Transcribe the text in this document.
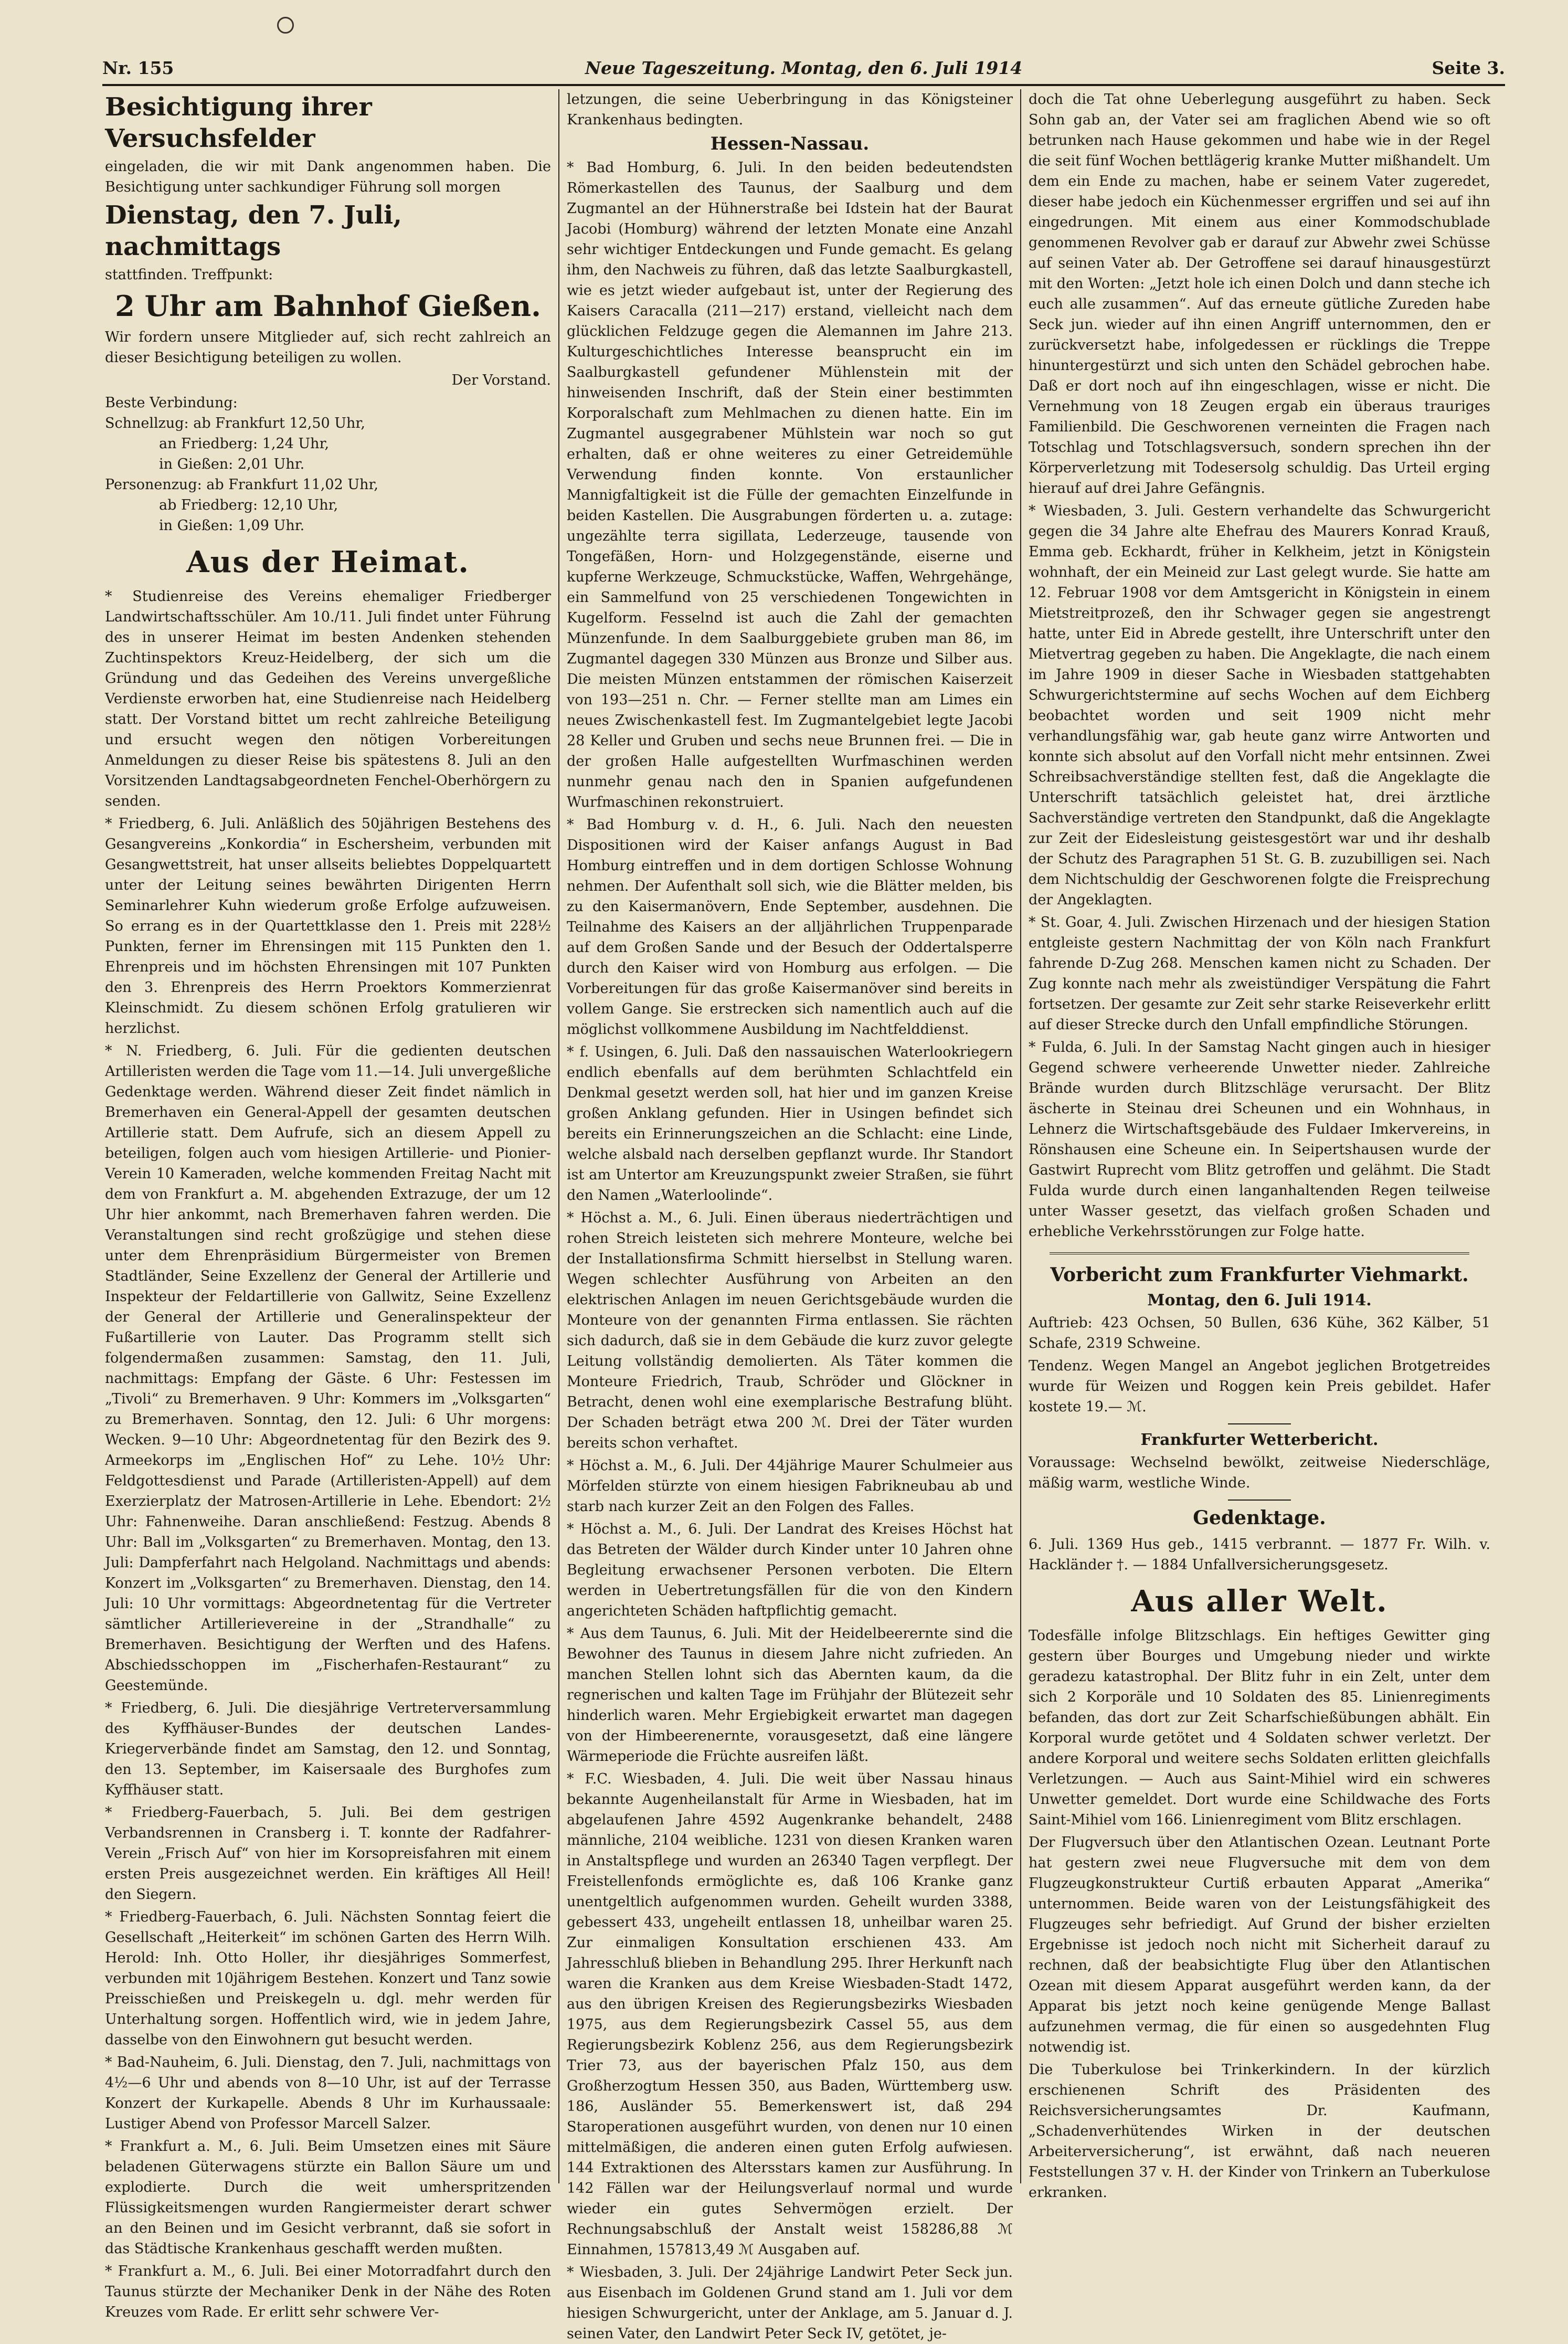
Neue Tageszeitung. Montag, den 6. Juli 1914
Nr. 155	Seite 3.
Besichtigung ihrer Versuchsfelder

eingeladen, die wir mit Dank angenommen haben. Die Besichtigung unter sachkundiger Führung soll morgen

Dienstag, den 7. Juli, nachmittags

stattfinden. Treffpunkt:

2 Uhr am Bahnhof Gießen.

Wir fordern unsere Mitglieder auf, sich recht zahlreich an dieser Besichtigung beteiligen zu wollen.

Der Vorstand.

Beste Verbindung:
Schnellzug: ab Frankfurt 12,50 Uhr,
an Friedberg: 1,24 Uhr,
in Gießen: 2,01 Uhr.
Personenzug: ab Frankfurt 11,02 Uhr,
ab Friedberg: 12,10 Uhr,
in Gießen: 1,09 Uhr.
Aus der Heimat.

* Studienreise des Vereins ehemaliger Friedberger Landwirtschaftsschüler. Am 10./11. Juli findet unter Führung des in unserer Heimat im besten Andenken stehenden Zuchtinspektors Kreuz-Heidelberg, der sich um die Gründung und das Gedeihen des Vereins unvergeßliche Verdienste erworben hat, eine Studienreise nach Heidelberg statt. Der Vorstand bittet um recht zahlreiche Beteiligung und ersucht wegen den nötigen Vorbereitungen Anmeldungen zu dieser Reise bis spätestens 8. Juli an den Vorsitzenden Landtagsabgeordneten Fenchel-Oberhörgern zu senden.

* Friedberg, 6. Juli. Anläßlich des 50jährigen Bestehens des Gesangvereins „Konkordia“ in Eschersheim, verbunden mit Gesangwettstreit, hat unser allseits beliebtes Doppelquartett unter der Leitung seines bewährten Dirigenten Herrn Seminarlehrer Kuhn wiederum große Erfolge aufzuweisen. So errang es in der Quartettklasse den 1. Preis mit 228½ Punkten, ferner im Ehrensingen mit 115 Punkten den 1. Ehrenpreis und im höchsten Ehrensingen mit 107 Punkten den 3. Ehrenpreis des Herrn Proektors Kommerzienrat Kleinschmidt. Zu diesem schönen Erfolg gratulieren wir herzlichst.

* N. Friedberg, 6. Juli. Für die gedienten deutschen Artilleristen werden die Tage vom 11.—14. Juli unvergeßliche Gedenktage werden. Während dieser Zeit findet nämlich in Bremerhaven ein General-Appell der gesamten deutschen Artillerie statt. Dem Aufrufe, sich an diesem Appell zu beteiligen, folgen auch vom hiesigen Artillerie- und Pionier-Verein 10 Kameraden, welche kommenden Freitag Nacht mit dem von Frankfurt a. M. abgehenden Extrazuge, der um 12 Uhr hier ankommt, nach Bremerhaven fahren werden. Die Veranstaltungen sind recht großzügige und stehen diese unter dem Ehrenpräsidium Bürgermeister von Bremen Stadtländer, Seine Exzellenz der General der Artillerie und Inspekteur der Feldartillerie von Gallwitz, Seine Exzellenz der General der Artillerie und Generalinspekteur der Fußartillerie von Lauter. Das Programm stellt sich folgendermaßen zusammen: Samstag, den 11. Juli, nachmittags: Empfang der Gäste. 6 Uhr: Festessen im „Tivoli“ zu Bremerhaven. 9 Uhr: Kommers im „Volksgarten“ zu Bremerhaven. Sonntag, den 12. Juli: 6 Uhr morgens: Wecken. 9—10 Uhr: Abgeordnetentag für den Bezirk des 9. Armeekorps im „Englischen Hof“ zu Lehe. 10½ Uhr: Feldgottesdienst und Parade (Artilleristen-Appell) auf dem Exerzierplatz der Matrosen-Artillerie in Lehe. Ebendort: 2½ Uhr: Fahnenweihe. Daran anschließend: Festzug. Abends 8 Uhr: Ball im „Volksgarten“ zu Bremerhaven. Montag, den 13. Juli: Dampferfahrt nach Helgoland. Nachmittags und abends: Konzert im „Volksgarten“ zu Bremerhaven. Dienstag, den 14. Juli: 10 Uhr vormittags: Abgeordnetentag für die Vertreter sämtlicher Artillerievereine in der „Strandhalle“ zu Bremerhaven. Besichtigung der Werften und des Hafens. Abschiedsschoppen im „Fischerhafen-Restaurant“ zu Geestemünde.

* Friedberg, 6. Juli. Die diesjährige Vertreterversammlung des Kyffhäuser-Bundes der deutschen Landes-Kriegerverbände findet am Samstag, den 12. und Sonntag, den 13. September, im Kaisersaale des Burghofes zum Kyffhäuser statt.

* Friedberg-Fauerbach, 5. Juli. Bei dem gestrigen Verbandsrennen in Cransberg i. T. konnte der Radfahrer-Verein „Frisch Auf“ von hier im Korsopreisfahren mit einem ersten Preis ausgezeichnet werden. Ein kräftiges All Heil! den Siegern.

* Friedberg-Fauerbach, 6. Juli. Nächsten Sonntag feiert die Gesellschaft „Heiterkeit“ im schönen Garten des Herrn Wilh. Herold: Inh. Otto Holler, ihr diesjähriges Sommerfest, verbunden mit 10jährigem Bestehen. Konzert und Tanz sowie Preisschießen und Preiskegeln u. dgl. mehr werden für Unterhaltung sorgen. Hoffentlich wird, wie in jedem Jahre, dasselbe von den Einwohnern gut besucht werden.

* Bad-Nauheim, 6. Juli. Dienstag, den 7. Juli, nachmittags von 4½—6 Uhr und abends von 8—10 Uhr, ist auf der Terrasse Konzert der Kurkapelle. Abends 8 Uhr im Kurhaussaale: Lustiger Abend von Professor Marcell Salzer.

* Frankfurt a. M., 6. Juli. Beim Umsetzen eines mit Säure beladenen Güterwagens stürzte ein Ballon Säure um und explodierte. Durch die weit umherspritzenden Flüssigkeitsmengen wurden Rangiermeister derart schwer an den Beinen und im Gesicht verbrannt, daß sie sofort in das Städtische Krankenhaus geschafft werden mußten.

* Frankfurt a. M., 6. Juli. Bei einer Motorradfahrt durch den Taunus stürzte der Mechaniker Denk in der Nähe des Roten Kreuzes vom Rade. Er erlitt sehr schwere Ver-

letzungen, die seine Ueberbringung in das Königsteiner Krankenhaus bedingten.

Hessen-Nassau.

* Bad Homburg, 6. Juli. In den beiden bedeutendsten Römerkastellen des Taunus, der Saalburg und dem Zugmantel an der Hühnerstraße bei Idstein hat der Baurat Jacobi (Homburg) während der letzten Monate eine Anzahl sehr wichtiger Entdeckungen und Funde gemacht. Es gelang ihm, den Nachweis zu führen, daß das letzte Saalburgkastell, wie es jetzt wieder aufgebaut ist, unter der Regierung des Kaisers Caracalla (211—217) erstand, vielleicht nach dem glücklichen Feldzuge gegen die Alemannen im Jahre 213. Kulturgeschichtliches Interesse beansprucht ein im Saalburgkastell gefundener Mühlenstein mit der hinweisenden Inschrift, daß der Stein einer bestimmten Korporalschaft zum Mehlmachen zu dienen hatte. Ein im Zugmantel ausgegrabener Mühlstein war noch so gut erhalten, daß er ohne weiteres zu einer Getreidemühle Verwendung finden konnte. Von erstaunlicher Mannigfaltigkeit ist die Fülle der gemachten Einzelfunde in beiden Kastellen. Die Ausgrabungen förderten u. a. zutage: ungezählte terra sigillata, Lederzeuge, tausende von Tongefäßen, Horn- und Holzgegenstände, eiserne und kupferne Werkzeuge, Schmuckstücke, Waffen, Wehrgehänge, ein Sammelfund von 25 verschiedenen Tongewichten in Kugelform. Fesselnd ist auch die Zahl der gemachten Münzenfunde. In dem Saalburggebiete gruben man 86, im Zugmantel dagegen 330 Münzen aus Bronze und Silber aus. Die meisten Münzen entstammen der römischen Kaiserzeit von 193—251 n. Chr. — Ferner stellte man am Limes ein neues Zwischenkastell fest. Im Zugmantelgebiet legte Jacobi 28 Keller und Gruben und sechs neue Brunnen frei. — Die in der großen Halle aufgestellten Wurfmaschinen werden nunmehr genau nach den in Spanien aufgefundenen Wurfmaschinen rekonstruiert.

* Bad Homburg v. d. H., 6. Juli. Nach den neuesten Dispositionen wird der Kaiser anfangs August in Bad Homburg eintreffen und in dem dortigen Schlosse Wohnung nehmen. Der Aufenthalt soll sich, wie die Blätter melden, bis zu den Kaisermanövern, Ende September, ausdehnen. Die Teilnahme des Kaisers an der alljährlichen Truppenparade auf dem Großen Sande und der Besuch der Oddertalsperre durch den Kaiser wird von Homburg aus erfolgen. — Die Vorbereitungen für das große Kaisermanöver sind bereits in vollem Gange. Sie erstrecken sich namentlich auch auf die möglichst vollkommene Ausbildung im Nachtfelddienst.

* f. Usingen, 6. Juli. Daß den nassauischen Waterlookriegern endlich ebenfalls auf dem berühmten Schlachtfeld ein Denkmal gesetzt werden soll, hat hier und im ganzen Kreise großen Anklang gefunden. Hier in Usingen befindet sich bereits ein Erinnerungszeichen an die Schlacht: eine Linde, welche alsbald nach derselben gepflanzt wurde. Ihr Standort ist am Untertor am Kreuzungspunkt zweier Straßen, sie führt den Namen „Waterloolinde“.

* Höchst a. M., 6. Juli. Einen überaus niederträchtigen und rohen Streich leisteten sich mehrere Monteure, welche bei der Installationsfirma Schmitt hierselbst in Stellung waren. Wegen schlechter Ausführung von Arbeiten an den elektrischen Anlagen im neuen Gerichtsgebäude wurden die Monteure von der genannten Firma entlassen. Sie rächten sich dadurch, daß sie in dem Gebäude die kurz zuvor gelegte Leitung vollständig demolierten. Als Täter kommen die Monteure Friedrich, Traub, Schröder und Glöckner in Betracht, denen wohl eine exemplarische Bestrafung blüht. Der Schaden beträgt etwa 200 ℳ. Drei der Täter wurden bereits schon verhaftet.

* Höchst a. M., 6. Juli. Der 44jährige Maurer Schulmeier aus Mörfelden stürzte von einem hiesigen Fabrikneubau ab und starb nach kurzer Zeit an den Folgen des Falles.

* Höchst a. M., 6. Juli. Der Landrat des Kreises Höchst hat das Betreten der Wälder durch Kinder unter 10 Jahren ohne Begleitung erwachsener Personen verboten. Die Eltern werden in Uebertretungsfällen für die von den Kindern angerichteten Schäden haftpflichtig gemacht.

* Aus dem Taunus, 6. Juli. Mit der Heidelbeerernte sind die Bewohner des Taunus in diesem Jahre nicht zufrieden. An manchen Stellen lohnt sich das Abernten kaum, da die regnerischen und kalten Tage im Frühjahr der Blütezeit sehr hinderlich waren. Mehr Ergiebigkeit erwartet man dagegen von der Himbeerenernte, vorausgesetzt, daß eine längere Wärmeperiode die Früchte ausreifen läßt.

* F.C. Wiesbaden, 4. Juli. Die weit über Nassau hinaus bekannte Augenheilanstalt für Arme in Wiesbaden, hat im abgelaufenen Jahre 4592 Augenkranke behandelt, 2488 männliche, 2104 weibliche. 1231 von diesen Kranken waren in Anstaltspflege und wurden an 26340 Tagen verpflegt. Der Freistellenfonds ermöglichte es, daß 106 Kranke ganz unentgeltlich aufgenommen wurden. Geheilt wurden 3388, gebessert 433, ungeheilt entlassen 18, unheilbar waren 25. Zur einmaligen Konsultation erschienen 433. Am Jahresschluß blieben in Behandlung 295. Ihrer Herkunft nach waren die Kranken aus dem Kreise Wiesbaden-Stadt 1472, aus den übrigen Kreisen des Regierungsbezirks Wiesbaden 1975, aus dem Regierungsbezirk Cassel 55, aus dem Regierungsbezirk Koblenz 256, aus dem Regierungsbezirk Trier 73, aus der bayerischen Pfalz 150, aus dem Großherzogtum Hessen 350, aus Baden, Württemberg usw. 186, Ausländer 55. Bemerkenswert ist, daß 294 Staroperationen ausgeführt wurden, von denen nur 10 einen mittelmäßigen, die anderen einen guten Erfolg aufwiesen. 144 Extraktionen des Altersstars kamen zur Ausführung. In 142 Fällen war der Heilungsverlauf normal und wurde wieder ein gutes Sehvermögen erzielt. Der Rechnungsabschluß der Anstalt weist 158286,88 ℳ Einnahmen, 157813,49 ℳ Ausgaben auf.

* Wiesbaden, 3. Juli. Der 24jährige Landwirt Peter Seck jun. aus Eisenbach im Goldenen Grund stand am 1. Juli vor dem hiesigen Schwurgericht, unter der Anklage, am 5. Januar d. J. seinen Vater, den Landwirt Peter Seck IV, getötet, je-

doch die Tat ohne Ueberlegung ausgeführt zu haben. Seck Sohn gab an, der Vater sei am fraglichen Abend wie so oft betrunken nach Hause gekommen und habe wie in der Regel die seit fünf Wochen bettlägerig kranke Mutter mißhandelt. Um dem ein Ende zu machen, habe er seinem Vater zugeredet, dieser habe jedoch ein Küchenmesser ergriffen und sei auf ihn eingedrungen. Mit einem aus einer Kommodschublade genommenen Revolver gab er darauf zur Abwehr zwei Schüsse auf seinen Vater ab. Der Getroffene sei darauf hinausgestürzt mit den Worten: „Jetzt hole ich einen Dolch und dann steche ich euch alle zusammen“. Auf das erneute gütliche Zureden habe Seck jun. wieder auf ihn einen Angriff unternommen, den er zurückversetzt habe, infolgedessen er rücklings die Treppe hinuntergestürzt und sich unten den Schädel gebrochen habe. Daß er dort noch auf ihn eingeschlagen, wisse er nicht. Die Vernehmung von 18 Zeugen ergab ein überaus trauriges Familienbild. Die Geschworenen verneinten die Fragen nach Totschlag und Totschlagsversuch, sondern sprechen ihn der Körperverletzung mit Todesersolg schuldig. Das Urteil erging hierauf auf drei Jahre Gefängnis.

* Wiesbaden, 3. Juli. Gestern verhandelte das Schwurgericht gegen die 34 Jahre alte Ehefrau des Maurers Konrad Krauß, Emma geb. Eckhardt, früher in Kelkheim, jetzt in Königstein wohnhaft, der ein Meineid zur Last gelegt wurde. Sie hatte am 12. Februar 1908 vor dem Amtsgericht in Königstein in einem Mietstreitprozeß, den ihr Schwager gegen sie angestrengt hatte, unter Eid in Abrede gestellt, ihre Unterschrift unter den Mietvertrag gegeben zu haben. Die Angeklagte, die nach einem im Jahre 1909 in dieser Sache in Wiesbaden stattgehabten Schwurgerichtstermine auf sechs Wochen auf dem Eichberg beobachtet worden und seit 1909 nicht mehr verhandlungsfähig war, gab heute ganz wirre Antworten und konnte sich absolut auf den Vorfall nicht mehr entsinnen. Zwei Schreibsachverständige stellten fest, daß die Angeklagte die Unterschrift tatsächlich geleistet hat, drei ärztliche Sachverständige vertreten den Standpunkt, daß die Angeklagte zur Zeit der Eidesleistung geistesgestört war und ihr deshalb der Schutz des Paragraphen 51 St. G. B. zuzubilligen sei. Nach dem Nichtschuldig der Geschworenen folgte die Freisprechung der Angeklagten.

* St. Goar, 4. Juli. Zwischen Hirzenach und der hiesigen Station entgleiste gestern Nachmittag der von Köln nach Frankfurt fahrende D-Zug 268. Menschen kamen nicht zu Schaden. Der Zug konnte nach mehr als zweistündiger Verspätung die Fahrt fortsetzen. Der gesamte zur Zeit sehr starke Reiseverkehr erlitt auf dieser Strecke durch den Unfall empfindliche Störungen.

* Fulda, 6. Juli. In der Samstag Nacht gingen auch in hiesiger Gegend schwere verheerende Unwetter nieder. Zahlreiche Brände wurden durch Blitzschläge verursacht. Der Blitz äscherte in Steinau drei Scheunen und ein Wohnhaus, in Lehnerz die Wirtschaftsgebäude des Fuldaer Imkervereins, in Rönshausen eine Scheune ein. In Seipertshausen wurde der Gastwirt Ruprecht vom Blitz getroffen und gelähmt. Die Stadt Fulda wurde durch einen langanhaltenden Regen teilweise unter Wasser gesetzt, das vielfach großen Schaden und erhebliche Verkehrsstörungen zur Folge hatte.

Vorbericht zum Frankfurter Viehmarkt.
Montag, den 6. Juli 1914.

Auftrieb: 423 Ochsen, 50 Bullen, 636 Kühe, 362 Kälber, 51 Schafe, 2319 Schweine.

Tendenz. Wegen Mangel an Angebot jeglichen Brotgetreides wurde für Weizen und Roggen kein Preis gebildet. Hafer kostete 19.— ℳ.

Frankfurter Wetterbericht.

Voraussage: Wechselnd bewölkt, zeitweise Niederschläge, mäßig warm, westliche Winde.

Gedenktage.

6. Juli. 1369 Hus geb., 1415 verbrannt. — 1877 Fr. Wilh. v. Hackländer †. — 1884 Unfallversicherungsgesetz.

Aus aller Welt.

Todesfälle infolge Blitzschlags. Ein heftiges Gewitter ging gestern über Bourges und Umgebung nieder und wirkte geradezu katastrophal. Der Blitz fuhr in ein Zelt, unter dem sich 2 Korporäle und 10 Soldaten des 85. Linienregiments befanden, das dort zur Zeit Scharfschießübungen abhält. Ein Korporal wurde getötet und 4 Soldaten schwer verletzt. Der andere Korporal und weitere sechs Soldaten erlitten gleichfalls Verletzungen. — Auch aus Saint-Mihiel wird ein schweres Unwetter gemeldet. Dort wurde eine Schildwache des Forts Saint-Mihiel vom 166. Linienregiment vom Blitz erschlagen.

Der Flugversuch über den Atlantischen Ozean. Leutnant Porte hat gestern zwei neue Flugversuche mit dem von dem Flugzeugkonstrukteur Curtiß erbauten Apparat „Amerika“ unternommen. Beide waren von der Leistungsfähigkeit des Flugzeuges sehr befriedigt. Auf Grund der bisher erzielten Ergebnisse ist jedoch noch nicht mit Sicherheit darauf zu rechnen, daß der beabsichtigte Flug über den Atlantischen Ozean mit diesem Apparat ausgeführt werden kann, da der Apparat bis jetzt noch keine genügende Menge Ballast aufzunehmen vermag, die für einen so ausgedehnten Flug notwendig ist.

Die Tuberkulose bei Trinkerkindern. In der kürzlich erschienenen Schrift des Präsidenten des Reichsversicherungsamtes Dr. Kaufmann, „Schadenverhütendes Wirken in der deutschen Arbeiterversicherung“, ist erwähnt, daß nach neueren Feststellungen 37 v. H. der Kinder von Trinkern an Tuberkulose erkranken.
